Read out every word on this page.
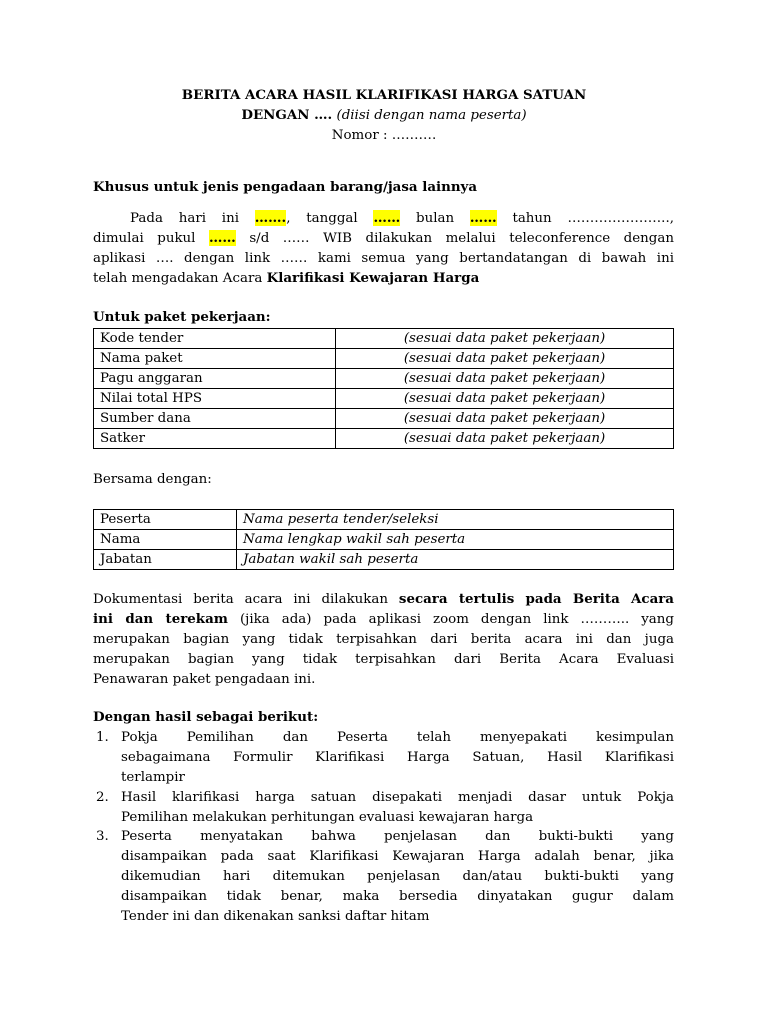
BERITA ACARA HASIL KLARIFIKASI HARGA SATUAN
DENGAN …. (diisi dengan nama peserta)
Nomor : ……….
Khusus untuk jenis pengadaan barang/jasa lainnya
Pada hari ini ……., tanggal …… bulan …… tahun …………………..,
dimulai pukul …… s/d …… WIB dilakukan melalui teleconference dengan
aplikasi …. dengan link …… kami semua yang bertandatangan di bawah ini
telah mengadakan Acara Klarifikasi Kewajaran Harga
Untuk paket pekerjaan:
Kode tender	(sesuai data paket pekerjaan)
Nama paket	(sesuai data paket pekerjaan)
Pagu anggaran	(sesuai data paket pekerjaan)
Nilai total HPS	(sesuai data paket pekerjaan)
Sumber dana	(sesuai data paket pekerjaan)
Satker	(sesuai data paket pekerjaan)
Bersama dengan:
Peserta	Nama peserta tender/seleksi
Nama	Nama lengkap wakil sah peserta
Jabatan	Jabatan wakil sah peserta
Dokumentasi berita acara ini dilakukan secara tertulis pada Berita Acara
ini dan terekam (jika ada) pada aplikasi zoom dengan link ……….. yang
merupakan bagian yang tidak terpisahkan dari berita acara ini dan juga
merupakan bagian yang tidak terpisahkan dari Berita Acara Evaluasi
Penawaran paket pengadaan ini.
Dengan hasil sebagai berikut:
1. Pokja Pemilihan dan Peserta telah menyepakati kesimpulan
sebagaimana Formulir Klarifikasi Harga Satuan, Hasil Klarifikasi
terlampir
2. Hasil klarifikasi harga satuan disepakati menjadi dasar untuk Pokja
Pemilihan melakukan perhitungan evaluasi kewajaran harga
3. Peserta menyatakan bahwa penjelasan dan bukti-bukti yang
disampaikan pada saat Klarifikasi Kewajaran Harga adalah benar, jika
dikemudian hari ditemukan penjelasan dan/atau bukti-bukti yang
disampaikan tidak benar, maka bersedia dinyatakan gugur dalam
Tender ini dan dikenakan sanksi daftar hitam
